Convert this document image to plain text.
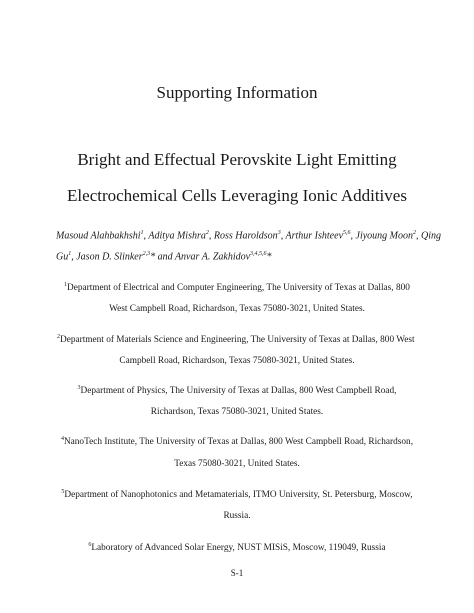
Supporting Information
Bright and Effectual Perovskite Light Emitting
Electrochemical Cells Leveraging Ionic Additives
Masoud Alahbakhshi$^1$, Aditya Mishra$^2$, Ross Haroldson$^3$, Arthur Ishteev$^{5,6}$, Jiyoung Moon$^2$, Qing
Gu$^1$, Jason D. Slinker$^{2,3}$* and Anvar A. Zakhidov$^{3,4,5,6}$*
$^1$Department of Electrical and Computer Engineering, The University of Texas at Dallas, 800
West Campbell Road, Richardson, Texas 75080-3021, United States.
$^2$Department of Materials Science and Engineering, The University of Texas at Dallas, 800 West
Campbell Road, Richardson, Texas 75080-3021, United States.
$^3$Department of Physics, The University of Texas at Dallas, 800 West Campbell Road,
Richardson, Texas 75080-3021, United States.
$^4$NanoTech Institute, The University of Texas at Dallas, 800 West Campbell Road, Richardson,
Texas 75080-3021, United States.
$^5$Department of Nanophotonics and Metamaterials, ITMO University, St. Petersburg, Moscow,
Russia.
$^6$Laboratory of Advanced Solar Energy, NUST MISiS, Moscow, 119049, Russia
S-1
